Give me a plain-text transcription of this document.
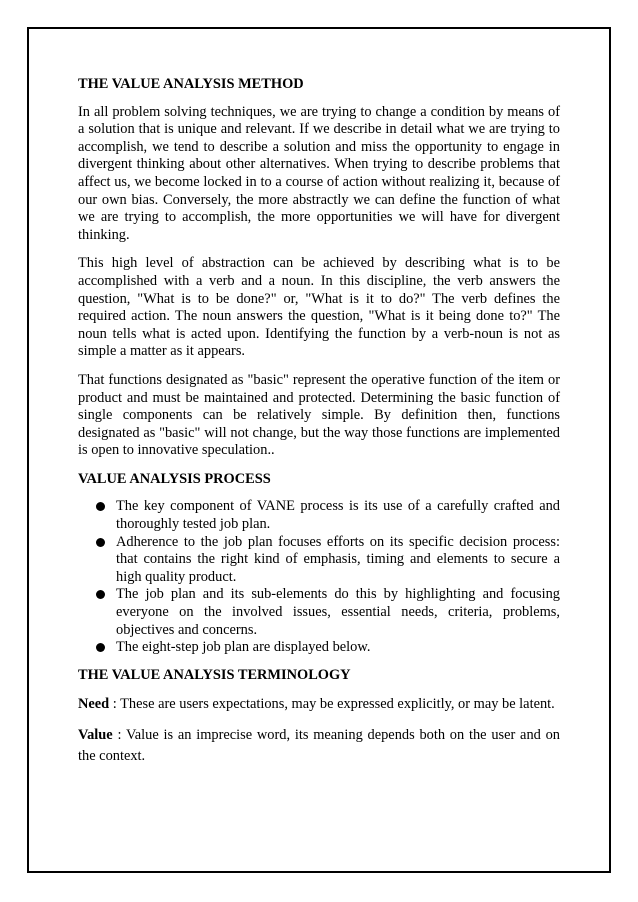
THE VALUE ANALYSIS METHOD

In all problem solving techniques, we are trying to change a condition by means of a solution that is unique and relevant. If we describe in detail what we are trying to accomplish, we tend to describe a solution and miss the opportunity to engage in divergent thinking about other alternatives. When trying to describe problems that affect us, we become locked in to a course of action without realizing it, because of our own bias. Conversely, the more abstractly we can define the function of what we are trying to accomplish, the more opportunities we will have for divergent thinking.

This high level of abstraction can be achieved by describing what is to be accomplished with a verb and a noun. In this discipline, the verb answers the question, "What is to be done?" or, "What is it to do?" The verb defines the required action. The noun answers the question, "What is it being done to?" The noun tells what is acted upon. Identifying the function by a verb-noun is not as simple a matter as it appears.

That functions designated as "basic" represent the operative function of the item or product and must be maintained and protected. Determining the basic function of single components can be relatively simple. By definition then, functions designated as "basic" will not change, but the way those functions are implemented is open to innovative speculation..

VALUE ANALYSIS PROCESS
The key component of VANE process is its use of a carefully crafted and thoroughly tested job plan.
Adherence to the job plan focuses efforts on its specific decision process: that contains the right kind of emphasis, timing and elements to secure a high quality product.
The job plan and its sub-elements do this by highlighting and focusing everyone on the involved issues, essential needs, criteria, problems, objectives and concerns.
The eight-step job plan are displayed below.
THE VALUE ANALYSIS TERMINOLOGY

Need : These are users expectations, may be expressed explicitly, or may be latent.

Value : Value is an imprecise word, its meaning depends both on the user and on the context.
